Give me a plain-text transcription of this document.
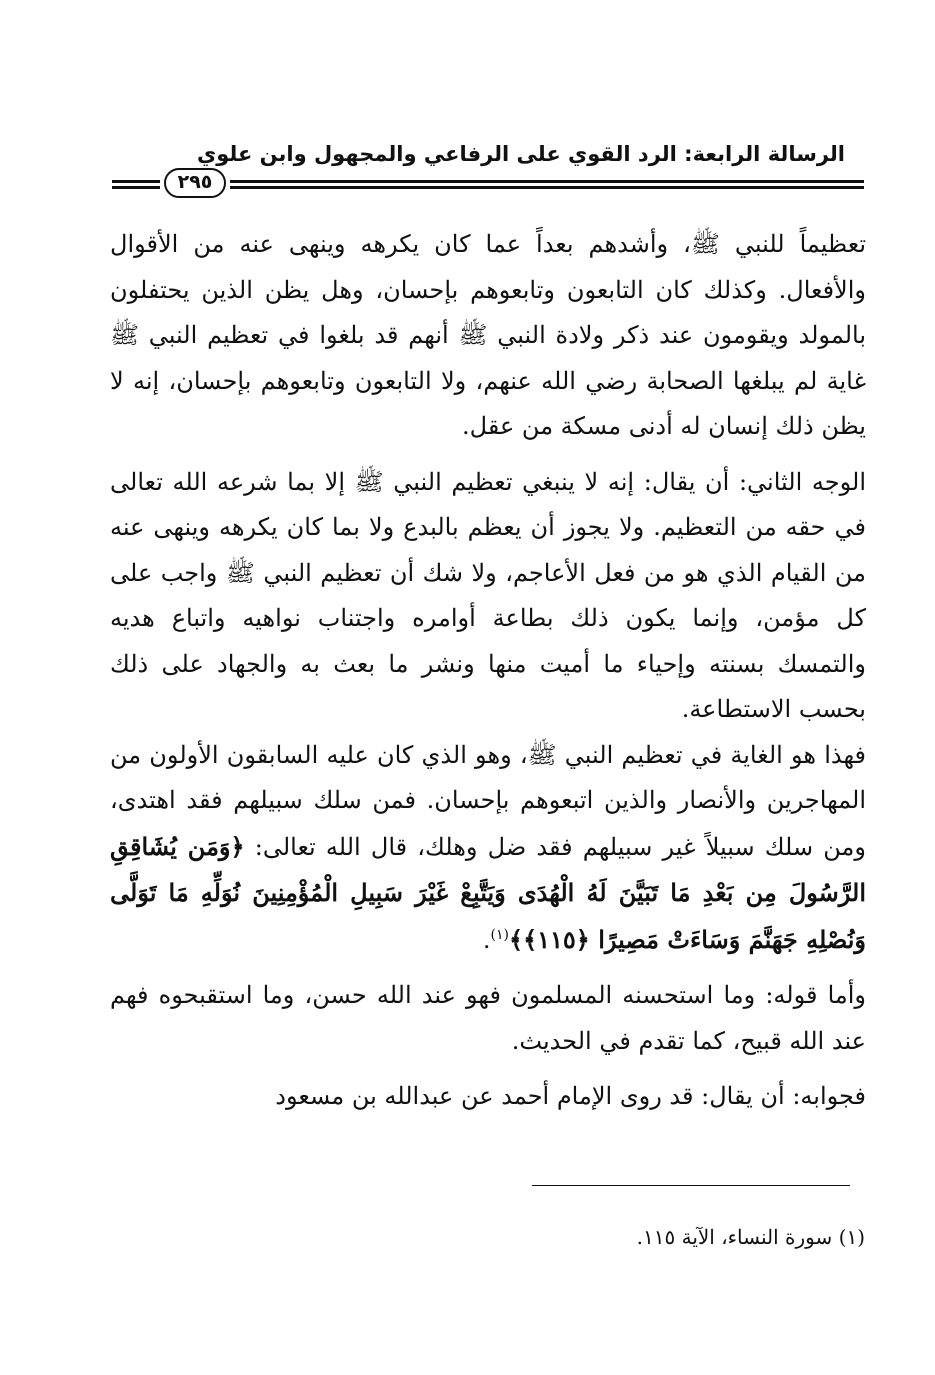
الرسالة الرابعة: الرد القوي على الرفاعي والمجهول وابن علوي
٢٩٥

تعظيماً للنبي ﷺ، وأشدهم بعداً عما كان يكرهه وينهى عنه من الأقوال والأفعال. وكذلك كان التابعون وتابعوهم بإحسان، وهل يظن الذين يحتفلون بالمولد ويقومون عند ذكر ولادة النبي ﷺ أنهم قد بلغوا في تعظيم النبي ﷺ غاية لم يبلغها الصحابة رضي الله عنهم، ولا التابعون وتابعوهم بإحسان، إنه لا يظن ذلك إنسان له أدنى مسكة من عقل.

الوجه الثاني: أن يقال: إنه لا ينبغي تعظيم النبي ﷺ إلا بما شرعه الله تعالى في حقه من التعظيم. ولا يجوز أن يعظم بالبدع ولا بما كان يكرهه وينهى عنه من القيام الذي هو من فعل الأعاجم، ولا شك أن تعظيم النبي ﷺ واجب على كل مؤمن، وإنما يكون ذلك بطاعة أوامره واجتناب نواهيه واتباع هديه والتمسك بسنته وإحياء ما أميت منها ونشر ما بعث به والجهاد على ذلك بحسب الاستطاعة.

فهذا هو الغاية في تعظيم النبي ﷺ، وهو الذي كان عليه السابقون الأولون من المهاجرين والأنصار والذين اتبعوهم بإحسان. فمن سلك سبيلهم فقد اهتدى، ومن سلك سبيلاً غير سبيلهم فقد ضل وهلك، قال الله تعالى: ﴿وَمَن يُشَاقِقِ الرَّسُولَ مِن بَعْدِ مَا تَبَيَّنَ لَهُ الْهُدَى وَيَتَّبِعْ غَيْرَ سَبِيلِ الْمُؤْمِنِينَ نُوَلِّهِ مَا تَوَلَّى وَنُصْلِهِ جَهَنَّمَ وَسَاءَتْ مَصِيرًا ﴿١١٥﴾﴾$^{(١)}$.

وأما قوله: وما استحسنه المسلمون فهو عند الله حسن، وما استقبحوه فهم عند الله قبيح، كما تقدم في الحديث.

فجوابه: أن يقال: قد روى الإمام أحمد عن عبدالله بن مسعود

(١) سورة النساء، الآية ١١٥.
